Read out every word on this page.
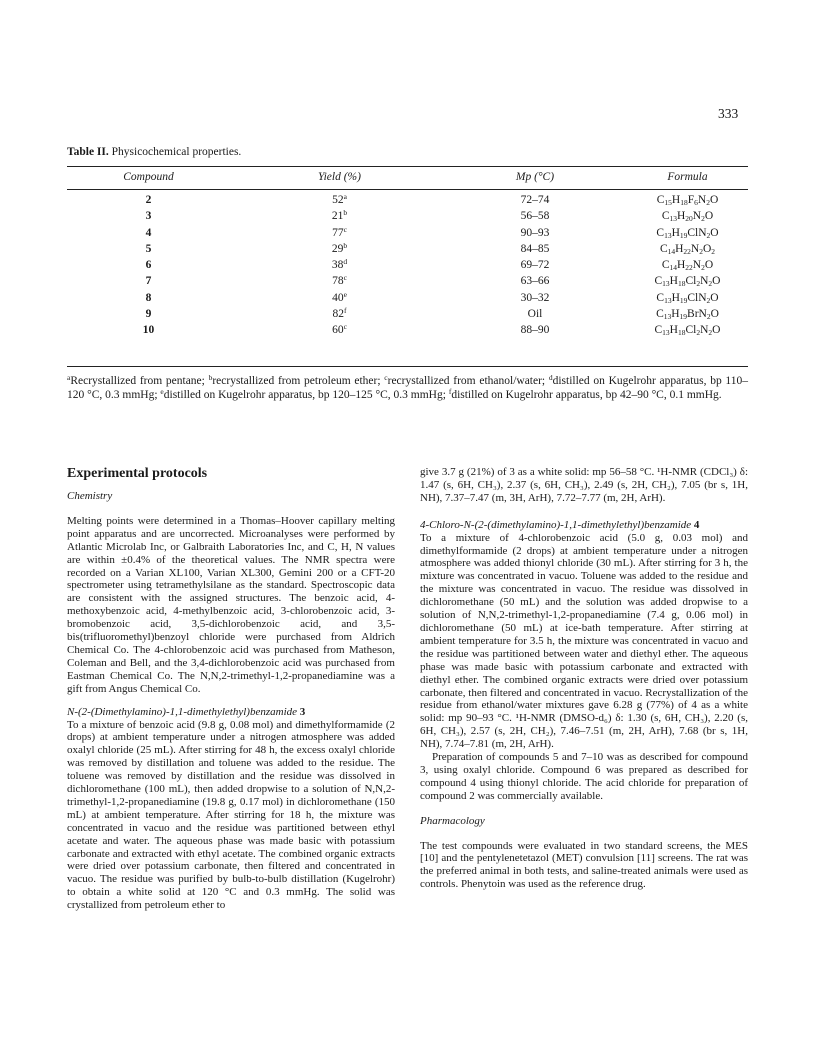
333
Table II. Physicochemical properties.
Compound	Yield (%)	Mp (°C)	Formula
2	52$^a$	72–74	$C_{15}H_{18}F_6N_2O$
3	21$^b$	56–58	$C_{13}H_{20}N_2O$
4	77$^c$	90–93	$C_{13}H_{19}ClN_2O$
5	29$^b$	84–85	$C_{14}H_{22}N_2O_2$
6	38$^d$	69–72	$C_{14}H_{22}N_2O$
7	78$^c$	63–66	$C_{13}H_{18}Cl_2N_2O$
8	40e	30–32	$C_{13}H_{19}ClN_2O$
9	82$^f$	Oil	$C_{13}H_{19}BrN_2O$
10	60$^c$	88–90	$C_{13}H_{18}Cl_2N_2O$
$^a$Recrystallized from pentane; $^b$recrystallized from petroleum ether; $^c$recrystallized from ethanol/water; $^d$distilled on Kugelrohr apparatus, bp 110–120 °C, 0.3 mmHg; $^e$distilled on Kugelrohr apparatus, bp 120–125 °C, 0.3 mmHg; $^f$distilled on Kugelrohr apparatus, bp 42–90 °C, 0.1 mmHg.
Experimental protocols
Chemistry

Melting points were determined in a Thomas–Hoover capillary melting point apparatus and are uncorrected. Microanalyses were performed by Atlantic Microlab Inc, or Galbraith Laboratories Inc, and C, H, N values are within ±0.4% of the theoretical values. The NMR spectra were recorded on a Varian XL100, Varian XL300, Gemini 200 or a CFT-20 spectrometer using tetramethylsilane as the standard. Spectroscopic data are consistent with the assigned structures. The benzoic acid, 4-methoxybenzoic acid, 4-methylbenzoic acid, 3-chlorobenzoic acid, 3-bromobenzoic acid, 3,5-dichlorobenzoic acid, and 3,5-bis(trifluoromethyl)benzoyl chloride were purchased from Aldrich Chemical Co. The 4-chlorobenzoic acid was purchased from Matheson, Coleman and Bell, and the 3,4-dichlorobenzoic acid was purchased from Eastman Chemical Co. The N,N,2-trimethyl-1,2-propanediamine was a gift from Angus Chemical Co.

N-(2-(Dimethylamino)-1,1-dimethylethyl)benzamide 3

To a mixture of benzoic acid (9.8 g, 0.08 mol) and dimethylformamide (2 drops) at ambient temperature under a nitrogen atmosphere was added oxalyl chloride (25 mL). After stirring for 48 h, the excess oxalyl chloride was removed by distillation and toluene was added to the residue. The toluene was removed by distillation and the residue was dissolved in dichloromethane (100 mL), then added dropwise to a solution of N,N,2-trimethyl-1,2-propanediamine (19.8 g, 0.17 mol) in dichloromethane (150 mL) at ambient temperature. After stirring for 18 h, the mixture was concentrated in vacuo and the residue was partitioned between ethyl acetate and water. The aqueous phase was made basic with potassium carbonate and extracted with ethyl acetate. The combined organic extracts were dried over potassium carbonate, then filtered and concentrated in vacuo. The residue was purified by bulb-to-bulb distillation (Kugelrohr) to obtain a white solid at 120 °C and 0.3 mmHg. The solid was crystallized from petroleum ether to

give 3.7 g (21%) of 3 as a white solid: mp 56–58 °C. ¹H-NMR (CDCl₃) δ: 1.47 (s, 6H, CH₃), 2.37 (s, 6H, CH₃), 2.49 (s, 2H, CH₂), 7.05 (br s, 1H, NH), 7.37–7.47 (m, 3H, ArH), 7.72–7.77 (m, 2H, ArH).

4-Chloro-N-(2-(dimethylamino)-1,1-dimethylethyl)benzamide 4

To a mixture of 4-chlorobenzoic acid (5.0 g, 0.03 mol) and dimethylformamide (2 drops) at ambient temperature under a nitrogen atmosphere was added thionyl chloride (30 mL). After stirring for 3 h, the mixture was concentrated in vacuo. Toluene was added to the residue and the mixture was concentrated in vacuo. The residue was dissolved in dichloromethane (50 mL) and the solution was added dropwise to a solution of N,N,2-trimethyl-1,2-propanediamine (7.4 g, 0.06 mol) in dichloromethane (50 mL) at ice-bath temperature. After stirring at ambient temperature for 3.5 h, the mixture was concentrated in vacuo and the residue was partitioned between water and diethyl ether. The aqueous phase was made basic with potassium carbonate and extracted with diethyl ether. The combined organic extracts were dried over potassium carbonate, then filtered and concentrated in vacuo. Recrystallization of the residue from ethanol/water mixtures gave 6.28 g (77%) of 4 as a white solid: mp 90–93 °C. ¹H-NMR (DMSO-d₆) δ: 1.30 (s, 6H, CH₃), 2.20 (s, 6H, CH₃), 2.57 (s, 2H, CH₂), 7.46–7.51 (m, 2H, ArH), 7.68 (br s, 1H, NH), 7.74–7.81 (m, 2H, ArH).

Preparation of compounds 5 and 7–10 was as described for compound 3, using oxalyl chloride. Compound 6 was prepared as described for compound 4 using thionyl chloride. The acid chloride for preparation of compound 2 was commercially available.

Pharmacology

The test compounds were evaluated in two standard screens, the MES [10] and the pentylenetetazol (MET) convulsion [11] screens. The rat was the preferred animal in both tests, and saline-treated animals were used as controls. Phenytoin was used as the reference drug.
